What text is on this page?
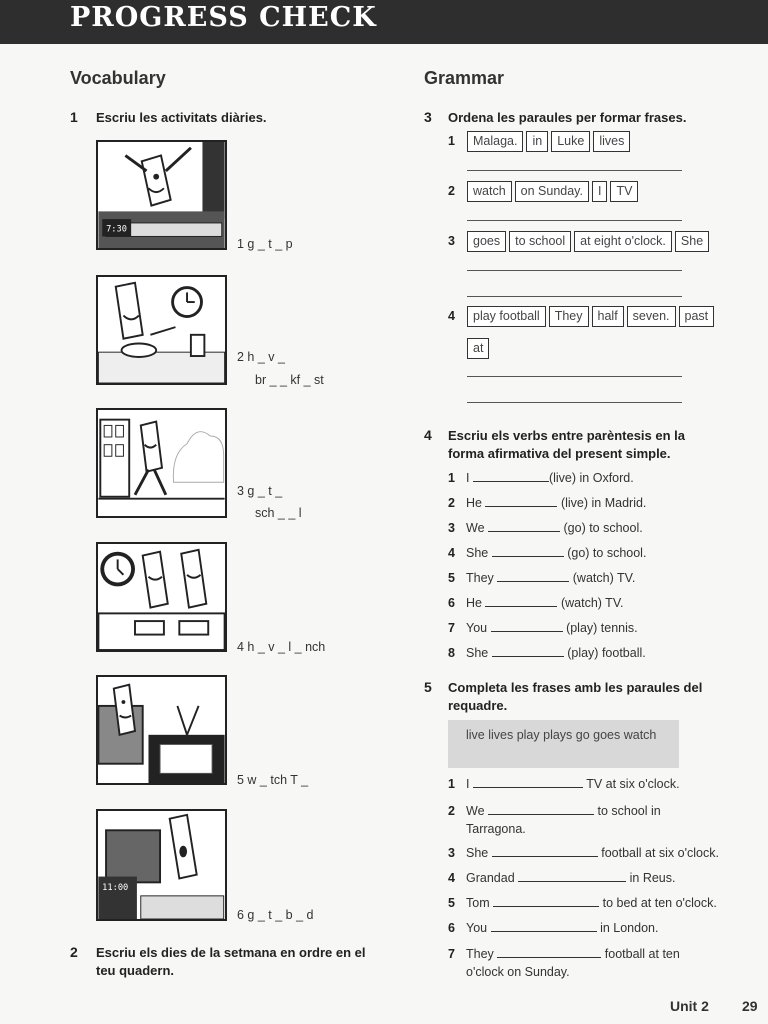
PROGRESS CHECK
Vocabulary
1 Escriu les activitats diàries.
7:30
1 g _ t _ p
2 h _ v _
br _ _ kf _ st
3 g _ t _
sch _ _ l
4 h _ v _ l _ nch
5 w _ tch T _
11:00
6 g _ t _ b _ d
2 Escriu els dies de la setmana en ordre en el teu quadern.
Grammar
3 Ordena les paraules per formar frases.
1	Malaga.	in	Luke	lives
2	watch	on Sunday.	I	TV
3	goes	to school	at eight o'clock.	She
4	play football	They	half	seven.	past
at
4 Escriu els verbs entre parèntesis en la forma afirmativa del present simple.
1 I	(live) in Oxford.
2 He	(live) in Madrid.
3 We	(go) to school.
4 She	(go) to school.
5 They	(watch) TV.
6 He	(watch) TV.
7 You	(play) tennis.
8 She	(play) football.
5 Completa les frases amb les paraules del requadre.
live lives play plays go goes watch
1 I	TV at six o'clock.
2 We	to school in
Tarragona.
3 She	football at six o'clock.
4 Grandad	in Reus.
5 Tom	to bed at ten o'clock.
6 You	in London.
7 They	football at ten
o'clock on Sunday.
Unit 2 29
